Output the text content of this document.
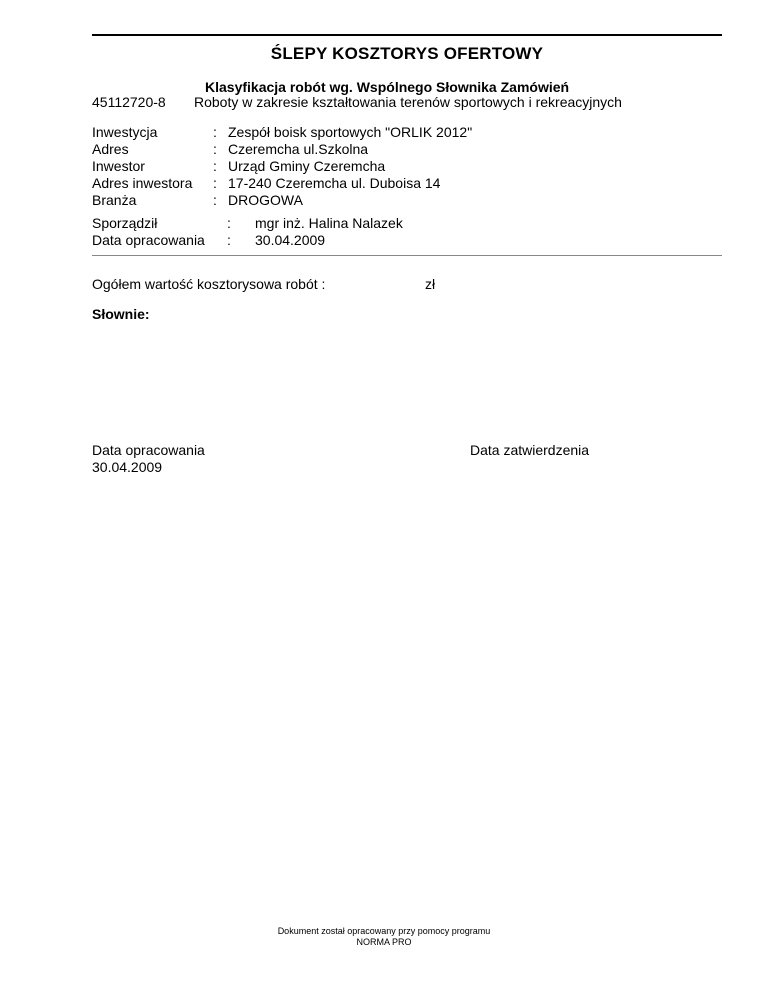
ŚLEPY KOSZTORYS OFERTOWY
Klasyfikacja robót wg. Wspólnego Słownika Zamówień
45112720-8 Roboty w zakresie kształtowania terenów sportowych i rekreacyjnych
Inwestycja	: Zespół boisk sportowych "ORLIK 2012"
Adres	: Czeremcha ul.Szkolna
Inwestor	: Urząd Gminy Czeremcha
Adres inwestora : 17-240 Czeremcha ul. Duboisa 14
Branża	: DROGOWA
Sporządził	: mgr inż. Halina Nalazek
Data opracowania : 30.04.2009
Ogółem wartość kosztorysowa robót :	zł
Słownie:
Data opracowania
30.04.2009
Data zatwierdzenia
Dokument został opracowany przy pomocy programu
NORMA PRO
